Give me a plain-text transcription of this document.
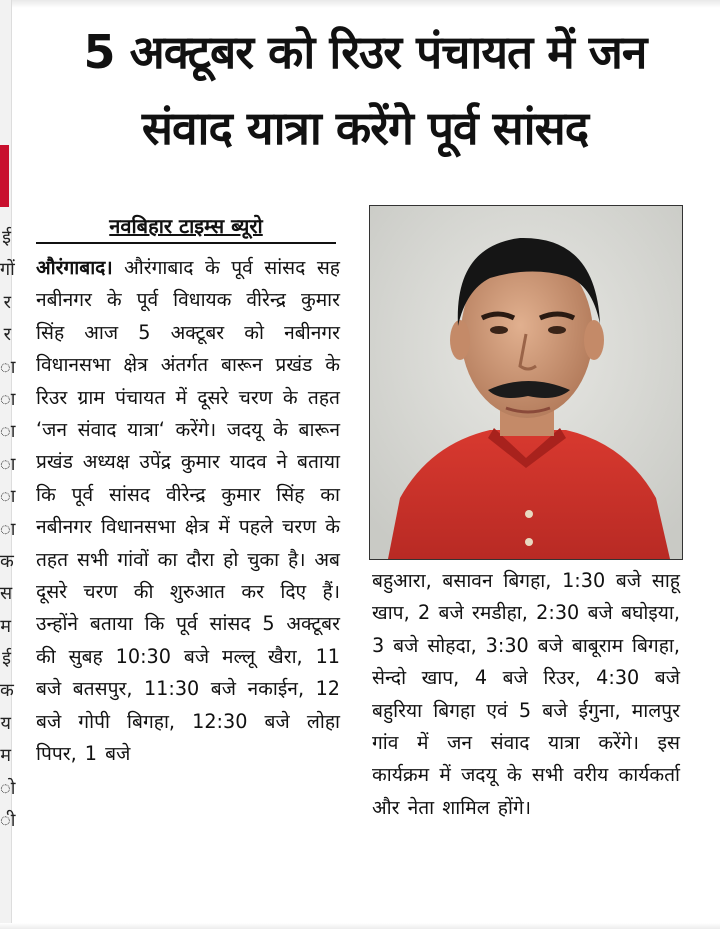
ई
गों
र
र
ा
ा
ा
ा
ा
ा
क
स
म
ई
क
य
म
ो
ी
5 अक्टूबर को रिउर पंचायत में जन
संवाद यात्रा करेंगे पूर्व सांसद
नवबिहार टाइम्स ब्यूरो

औरंगाबाद। औरंगाबाद के पूर्व सांसद सह नबीनगर के पूर्व विधायक वीरेन्द्र कुमार सिंह आज 5 अक्टूबर को नबीनगर विधानसभा क्षेत्र अंतर्गत बारून प्रखंड के रिउर ग्राम पंचायत में दूसरे चरण के तहत ‘जन संवाद यात्रा‘ करेंगे। जदयू के बारून प्रखंड अध्यक्ष उपेंद्र कुमार यादव ने बताया कि पूर्व सांसद वीरेन्द्र कुमार सिंह का नबीनगर विधानसभा क्षेत्र में पहले चरण के तहत सभी गांवों का दौरा हो चुका है। अब दूसरे चरण की शुरुआत कर दिए हैं। उन्होंने बताया कि पूर्व सांसद 5 अक्टूबर की सुबह 10:30 बजे मल्लू खैरा, 11 बजे बतसपुर, 11:30 बजे नकाईन, 12 बजे गोपी बिगहा, 12:30 बजे लोहा पिपर, 1 बजे

बहुआरा, बसावन बिगहा, 1:30 बजे साहू खाप, 2 बजे रमडीहा, 2:30 बजे बघोइया, 3 बजे सोहदा, 3:30 बजे बाबूराम बिगहा, सेन्दो खाप, 4 बजे रिउर, 4:30 बजे बहुरिया बिगहा एवं 5 बजे ईगुना, मालपुर गांव में जन संवाद यात्रा करेंगे। इस कार्यक्रम में जदयू के सभी वरीय कार्यकर्ता और नेता शामिल होंगे।
